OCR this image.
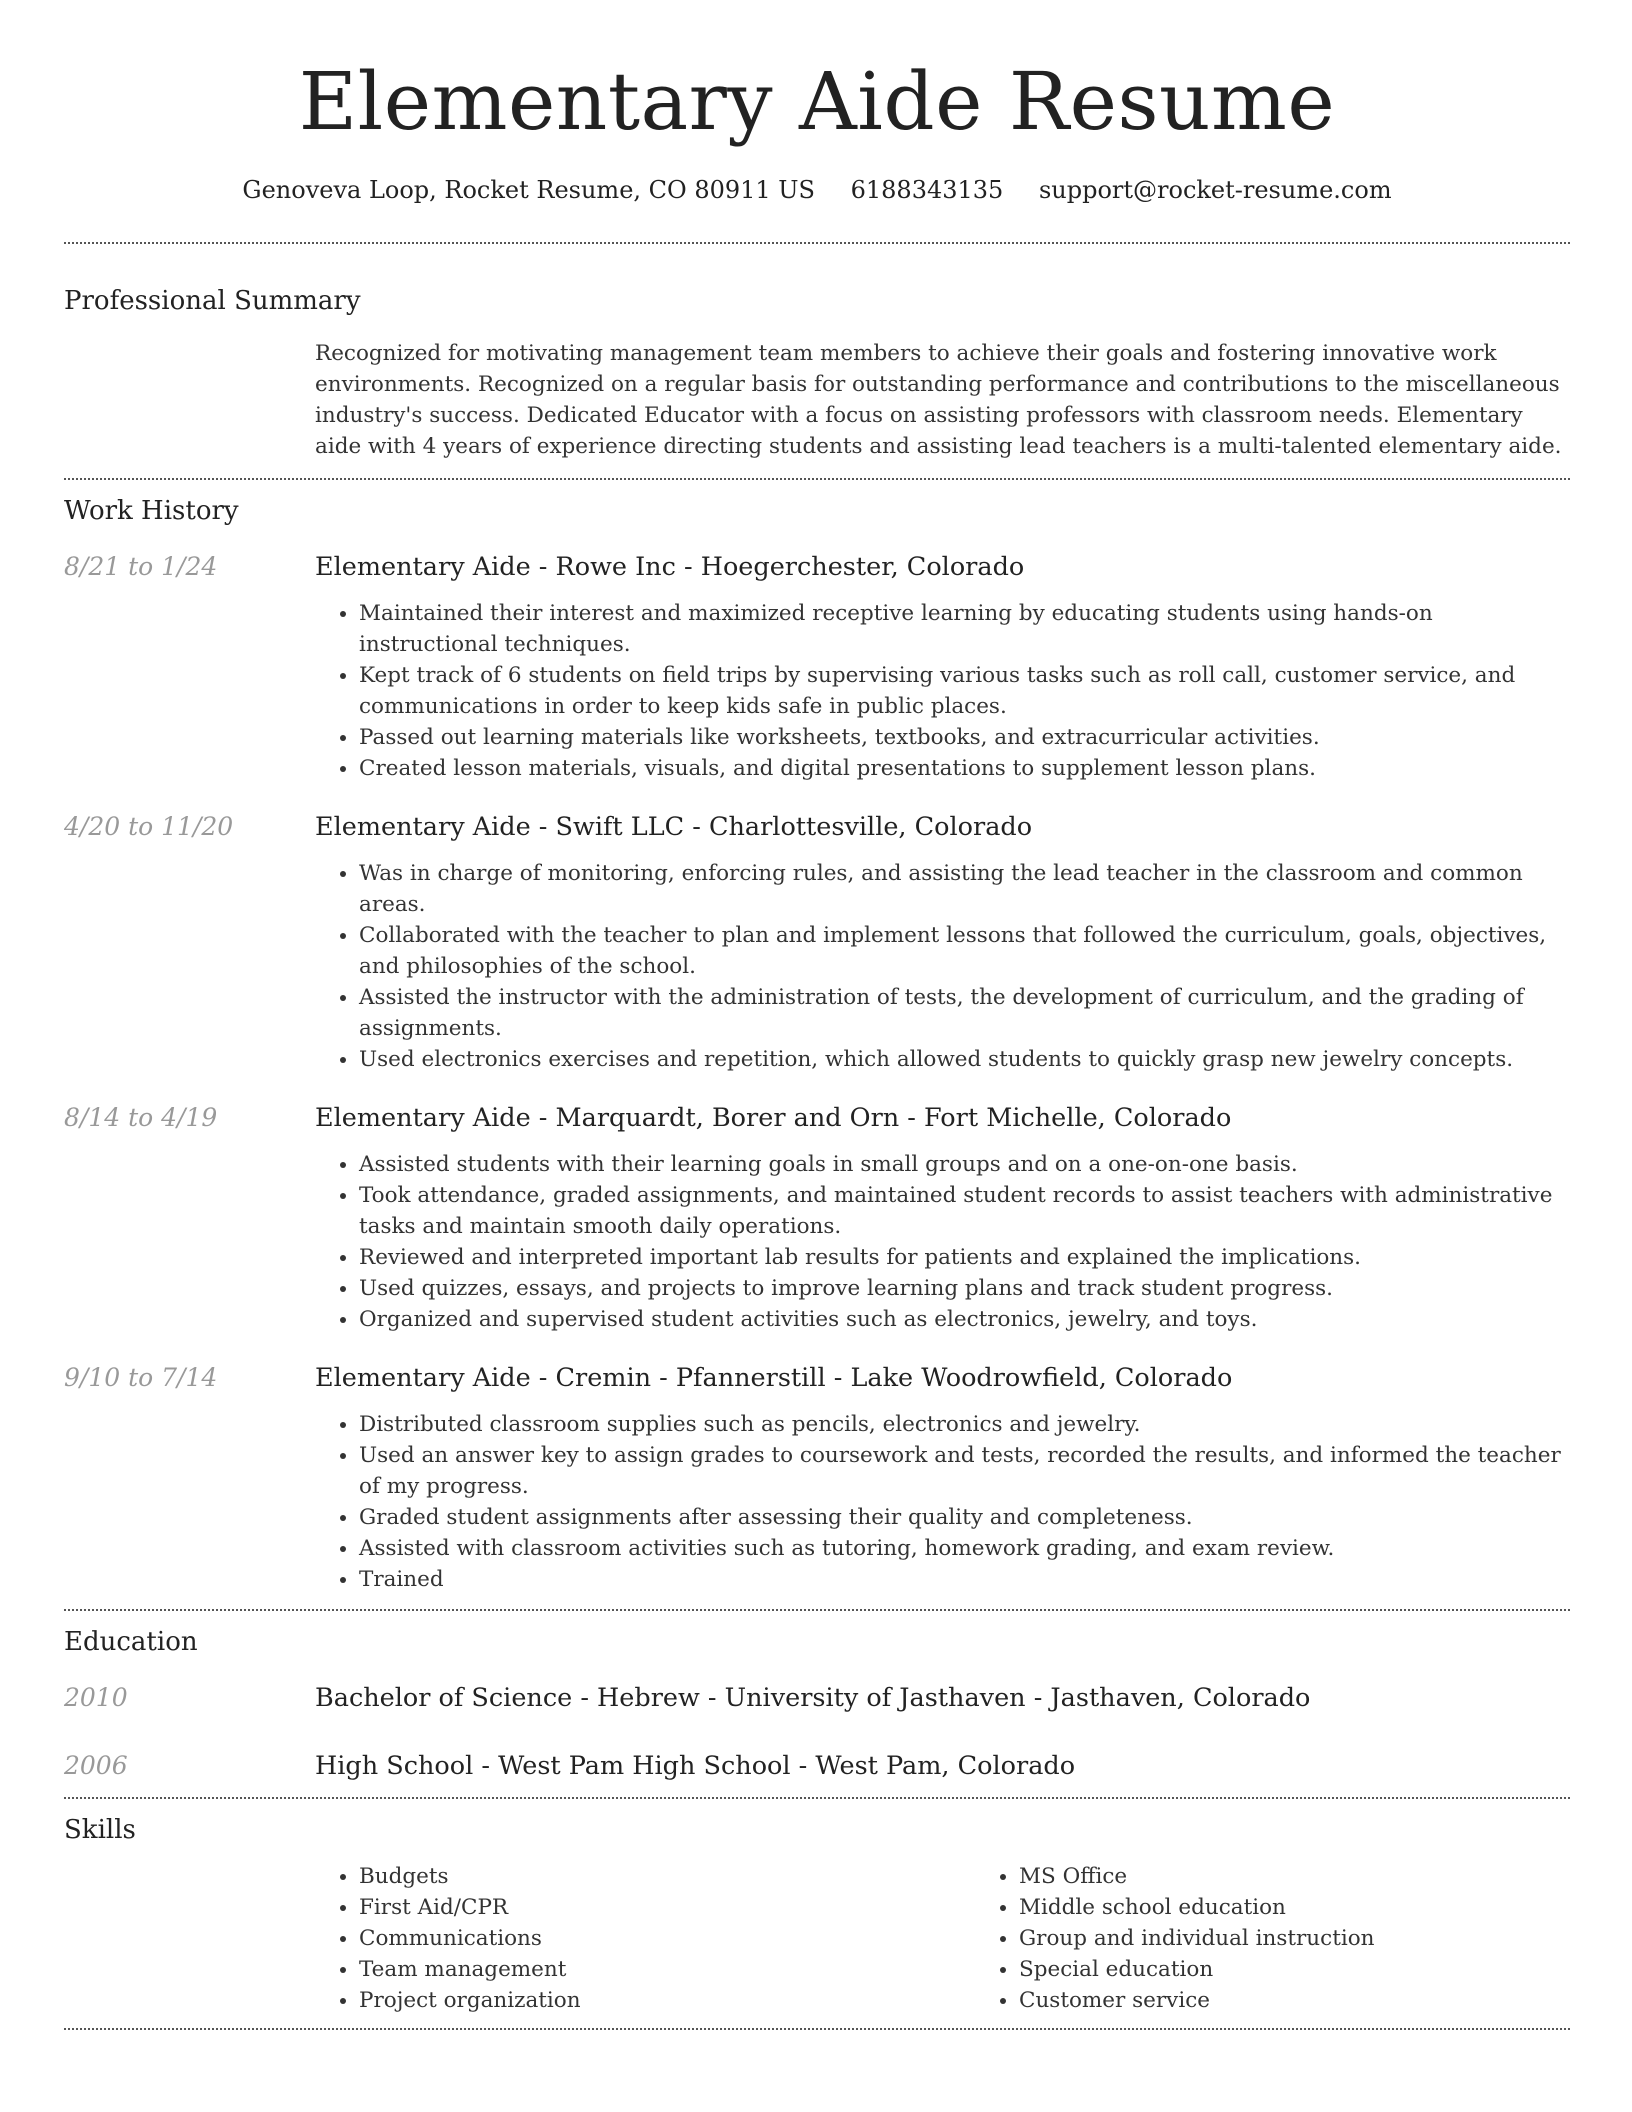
Elementary Aide Resume
Genoveva Loop, Rocket Resume, CO 80911 US 6188343135 support@rocket-resume.com
Professional Summary
Recognized for motivating management team members to achieve their goals and fostering innovative work environments. Recognized on a regular basis for outstanding performance and contributions to the miscellaneous industry's success. Dedicated Educator with a focus on assisting professors with classroom needs. Elementary aide with 4 years of experience directing students and assisting lead teachers is a multi-talented elementary aide.
Work History
8/21 to 1/24	Elementary Aide - Rowe Inc - Hoegerchester, Colorado
• Maintained their interest and maximized receptive learning by educating students using hands-on instructional techniques.
• Kept track of 6 students on field trips by supervising various tasks such as roll call, customer service, and communications in order to keep kids safe in public places.
• Passed out learning materials like worksheets, textbooks, and extracurricular activities.
• Created lesson materials, visuals, and digital presentations to supplement lesson plans.
4/20 to 11/20	Elementary Aide - Swift LLC - Charlottesville, Colorado
• Was in charge of monitoring, enforcing rules, and assisting the lead teacher in the classroom and common areas.
• Collaborated with the teacher to plan and implement lessons that followed the curriculum, goals, objectives, and philosophies of the school.
• Assisted the instructor with the administration of tests, the development of curriculum, and the grading of assignments.
• Used electronics exercises and repetition, which allowed students to quickly grasp new jewelry concepts.
8/14 to 4/19	Elementary Aide - Marquardt, Borer and Orn - Fort Michelle, Colorado
• Assisted students with their learning goals in small groups and on a one-on-one basis.
• Took attendance, graded assignments, and maintained student records to assist teachers with administrative tasks and maintain smooth daily operations.
• Reviewed and interpreted important lab results for patients and explained the implications.
• Used quizzes, essays, and projects to improve learning plans and track student progress.
• Organized and supervised student activities such as electronics, jewelry, and toys.
9/10 to 7/14	Elementary Aide - Cremin - Pfannerstill - Lake Woodrowfield, Colorado
• Distributed classroom supplies such as pencils, electronics and jewelry.
• Used an answer key to assign grades to coursework and tests, recorded the results, and informed the teacher of my progress.
• Graded student assignments after assessing their quality and completeness.
• Assisted with classroom activities such as tutoring, homework grading, and exam review.
• Trained
Education
2010	Bachelor of Science - Hebrew - University of Jasthaven - Jasthaven, Colorado
2006	High School - West Pam High School - West Pam, Colorado
Skills
• Budgets
• First Aid/CPR
• Communications
• Team management
• Project organization
• MS Office
• Middle school education
• Group and individual instruction
• Special education
• Customer service
